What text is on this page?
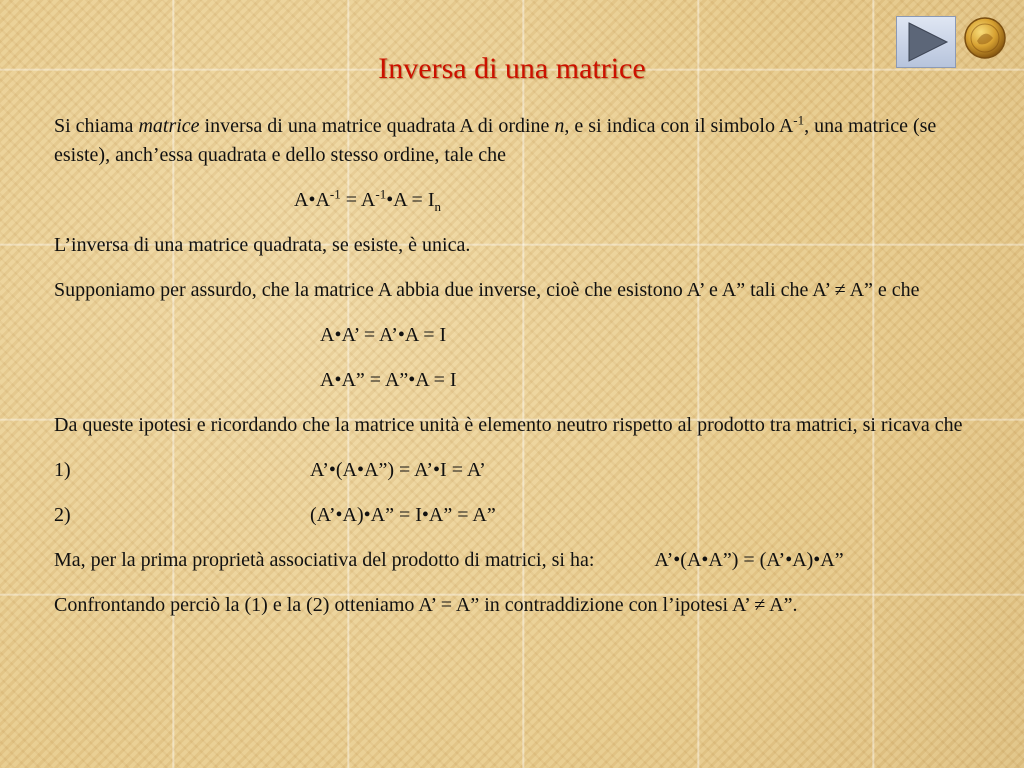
Inversa di una matrice

Si chiama matrice inversa di una matrice quadrata A di ordine n, e si indica con il simbolo $A^{-1}$, una matrice (se esiste), anch’essa quadrata e dello stesso ordine, tale che

$A•A^{-1}$ = $A^{-1}•A = I_n$

L’inversa di una matrice quadrata, se esiste, è unica.

Supponiamo per assurdo, che la matrice A abbia due inverse, cioè che esistono A’ e A” tali che A’ ≠ A” e che

A•A’ = A’•A = I
A•A” = A”•A = I

Da queste ipotesi e ricordando che la matrice unità è elemento neutro rispetto al prodotto tra matrici, si ricava che

1)	A’•(A•A”) = A’•I = A’
2)	(A’•A)•A” = I•A” = A”

Ma, per la prima proprietà associativa del prodotto di matrici, si ha:	A’•(A•A”) = (A’•A)•A”

Confrontando perciò la (1) e la (2) otteniamo A’ = A” in contraddizione con l’ipotesi A’ ≠ A”.
